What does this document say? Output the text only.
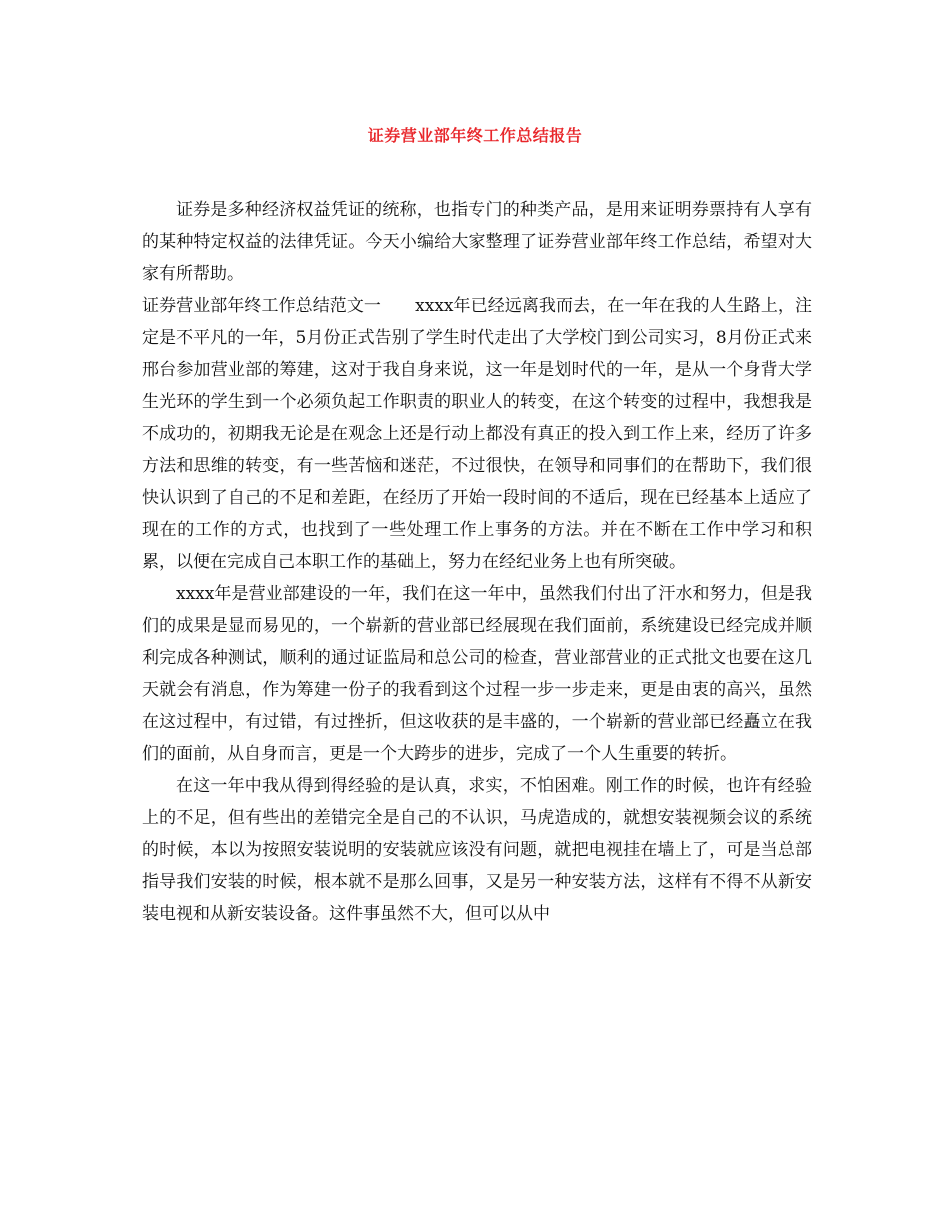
证券营业部年终工作总结报告

证券是多种经济权益凭证的统称，也指专门的种类产品，是用来证明券票持有人享有的某种特定权益的法律凭证。今天小编给大家整理了证券营业部年终工作总结，希望对大家有所帮助。

证券营业部年终工作总结范文一　　xxxx年已经远离我而去，在一年在我的人生路上，注定是不平凡的一年，5月份正式告别了学生时代走出了大学校门到公司实习，8月份正式来邢台参加营业部的筹建，这对于我自身来说，这一年是划时代的一年，是从一个身背大学生光环的学生到一个必须负起工作职责的职业人的转变，在这个转变的过程中，我想我是不成功的，初期我无论是在观念上还是行动上都没有真正的投入到工作上来，经历了许多方法和思维的转变，有一些苦恼和迷茫，不过很快，在领导和同事们的在帮助下，我们很快认识到了自己的不足和差距，在经历了开始一段时间的不适后，现在已经基本上适应了现在的工作的方式，也找到了一些处理工作上事务的方法。并在不断在工作中学习和积累，以便在完成自己本职工作的基础上，努力在经纪业务上也有所突破。

xxxx年是营业部建设的一年，我们在这一年中，虽然我们付出了汗水和努力，但是我们的成果是显而易见的，一个崭新的营业部已经展现在我们面前，系统建设已经完成并顺利完成各种测试，顺利的通过证监局和总公司的检查，营业部营业的正式批文也要在这几天就会有消息，作为筹建一份子的我看到这个过程一步一步走来，更是由衷的高兴，虽然在这过程中，有过错，有过挫折，但这收获的是丰盛的，一个崭新的营业部已经矗立在我们的面前，从自身而言，更是一个大跨步的进步，完成了一个人生重要的转折。

在这一年中我从得到得经验的是认真，求实，不怕困难。刚工作的时候，也许有经验上的不足，但有些出的差错完全是自己的不认识，马虎造成的，就想安装视频会议的系统的时候，本以为按照安装说明的安装就应该没有问题，就把电视挂在墙上了，可是当总部指导我们安装的时候，根本就不是那么回事，又是另一种安装方法，这样有不得不从新安装电视和从新安装设备。这件事虽然不大，但可以从中
